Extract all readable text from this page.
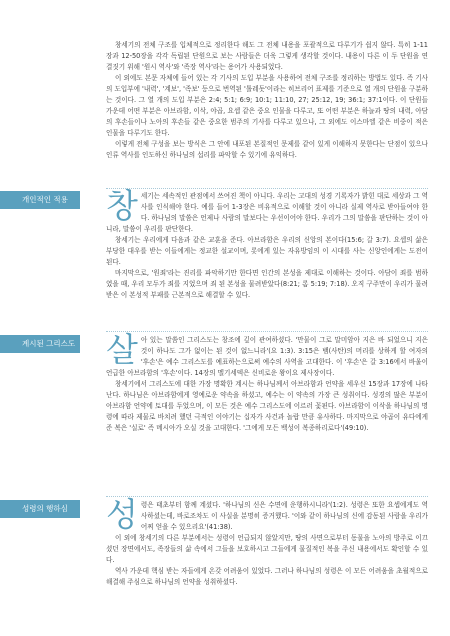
창세기의 전체 구조를 입체적으로 정리한다 해도 그 전체 내용을 포괄적으로 다루기가 쉽지 않다. 특히 1-11장과 12-50장을 각각 독립된 단원으로 보는 사람들은 더욱 그렇게 생각할 것이다. 내용이 다른 이 두 단원을 연결짓기 위해 '원시 역사'와 '족장 역사'라는 용어가 사용되었다.

이 외에도 본문 자체에 들어 있는 각 기사의 도입 부분을 사용하여 전체 구조를 정리하는 방법도 있다. 즉 기사의 도입부에 '내력', '계보', '족보' 등으로 번역된 '톨레돗'이라는 히브리어 표제를 기준으로 열 개의 단원을 구분하는 것이다. 그 열 개의 도입 부분은 2:4; 5:1; 6:9; 10:1; 11:10, 27; 25:12, 19; 36:1; 37:1이다. 이 단원들 가운데 어떤 부분은 아브라함, 이삭, 야곱, 요셉 같은 중요 인물을 다루고, 또 어떤 부분은 하늘과 땅의 내력, 아담의 후손들이나 노아의 후손들 같은 중요한 범주의 기사를 다루고 있으나, 그 외에도 이스마엘 같은 비중이 적은 인물을 다루기도 한다.

이렇게 전체 구성을 보는 방식은 그 안에 내포된 본질적인 문제를 같이 있게 이해하지 못한다는 단점이 있으나 인류 역사를 인도하신 하나님의 섭리를 파악할 수 있기에 유익하다.

개인적인 적용	창 세기는 세속적인 관점에서 쓰여진 책이 아니다. 우리는 고대의 성경 기록자가 밝힌 대로 세상과 그 역사를 인식해야 한다. 예를 들어 1-3장은 비유적으로 이해할 것이 아니라 실제 역사로 받아들여야 한다. 하나님의 말씀은 언제나 사람의 말보다는 우선이어야 한다. 우리가 그의 말씀을 판단하는 것이 아니라, 말씀이 우리를 판단한다.

창세기는 우리에게 다음과 같은 교훈을 준다. 아브라함은 우리의 신앙의 본이다(15:6; 갈 3:7). 요셉의 삶은 부당한 대우를 받는 이들에게는 정교한 설교이며, 롯에게 있는 자유방임의 이 시대를 사는 신앙인에게는 도전이 된다.

마지막으로, '원죄'라는 진리를 파악하기만 한다면 인간의 본성을 제대로 이해하는 것이다. 아담이 죄를 범하였을 때, 우리 모두가 죄를 지었으며 죄 된 본성을 물려받았다(8:21; 롬 5:19; 7:18). 오직 구주만이 우리가 물려받은 이 본성적 부패를 근본적으로 해결할 수 있다.

계시된 그리스도 살 아 있는 말씀인 그리스도는 창조에 깊이 관여하셨다. '만물이 그로 말미암아 지은 바 되었으니 지은 것이 하나도 그가 없이는 된 것이 없느니라'(요 1:3). 3:15은 뱀(사탄)의 머리를 상하게 할 여자의 '후손'은 예수 그리스도를 예표하는으로써 예수의 사역을 고대한다. 이 '후손'은 갈 3:16에서 바울이 언급한 아브라함의 '후손'이다. 14장의 멜기세덱은 신비로운 왕이요 제사장이다.

창세기에서 그리스도에 대한 가장 명확한 계시는 하나님께서 아브라함과 언약을 세우신 15장과 17장에 나타난다. 하나님은 아브라함에게 영예로운 약속을 하셨고, 예수는 이 약속의 가장 큰 성취이다. 성경의 많은 부분이 아브라함 언약에 토대를 두었으며, 이 모든 것은 예수 그리스도에 이르러 꽃핀다. 아브라함이 이삭을 하나님의 명령에 따라 제물로 바치려 했던 극적인 이야기는 십자가 사건과 놀랍 만큼 유사하다. 마지막으로 야곱이 유다에게 준 복은 '실로' 즉 메시아가 오실 것을 고대한다. '그에게 모든 백성이 복종하리로다'(49:10).

성령의 행하심	성 령은 태초부터 함께 계셨다. '하나님의 신은 수면에 운행하시니라'(1:2). 성령은 또한 요셉에게도 역사하셨는데, 바로조차도 이 사실을 분명히 증거했다. '이와 같이 하나님의 신에 감동된 사람을 우리가 어찌 얻을 수 있으리요'(41:38).

이 외에 창세기의 다른 부분에서는 성령이 언급되지 않았지만, 땅의 사면으로부터 동물을 노아의 방주로 이끄셨던 장면에서도, 족장들의 삶 속에서 그들을 보호하시고 그들에게 물질적인 복을 주신 내용에서도 확인할 수 있다.

역사 가운데 핵심 받는 자들에게 온갖 어려움이 있었다. 그러나 하나님의 성령은 이 모든 어려움을 초월적으로 해결해 주심으로 하나님의 언약을 성취하셨다.
